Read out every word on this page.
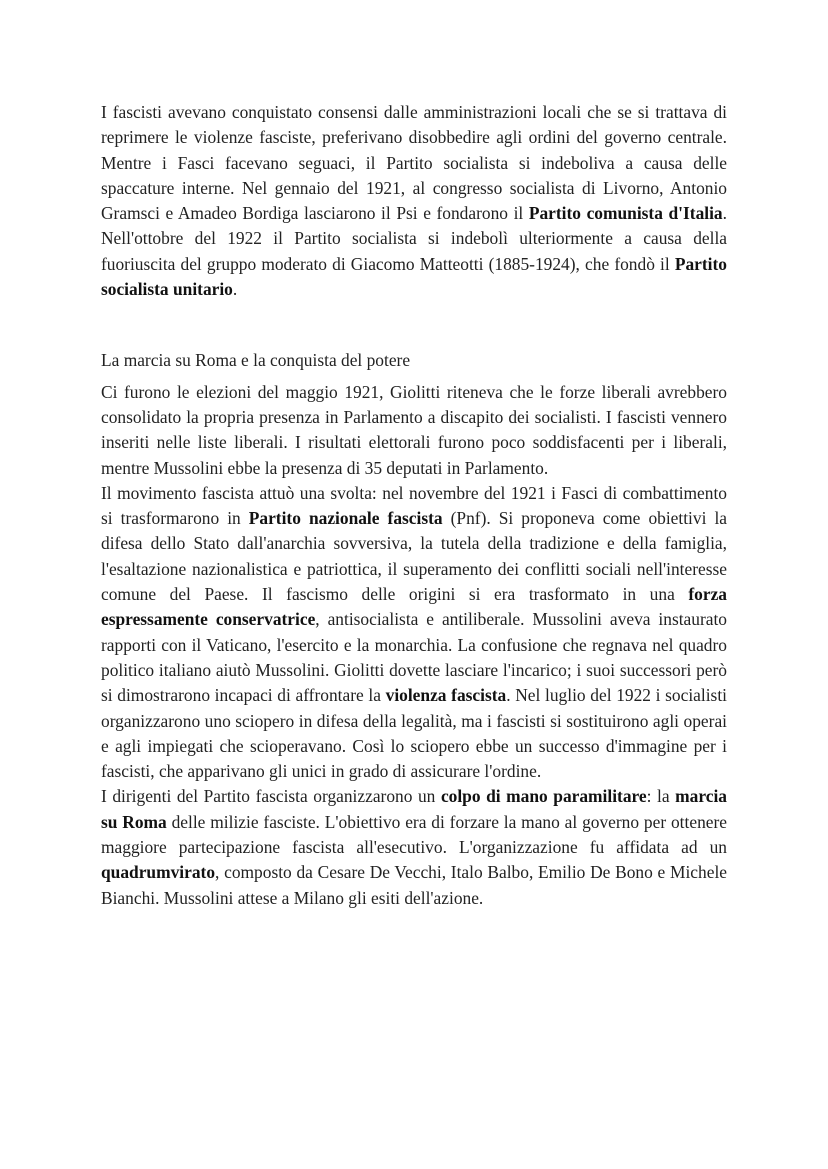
I fascisti avevano conquistato consensi dalle amministrazioni locali che se si trattava di reprimere le violenze fasciste, preferivano disobbedire agli ordini del governo centrale. Mentre i Fasci facevano seguaci, il Partito socialista si indeboliva a causa delle spaccature interne. Nel gennaio del 1921, al congresso socialista di Livorno, Antonio Gramsci e Amadeo Bordiga lasciarono il Psi e fondarono il Partito comunista d'Italia. Nell'ottobre del 1922 il Partito socialista si indebolì ulteriormente a causa della fuoriuscita del gruppo moderato di Giacomo Matteotti (1885-1924), che fondò il Partito socialista unitario.

La marcia su Roma e la conquista del potere

Ci furono le elezioni del maggio 1921, Giolitti riteneva che le forze liberali avrebbero consolidato la propria presenza in Parlamento a discapito dei socialisti. I fascisti vennero inseriti nelle liste liberali. I risultati elettorali furono poco soddisfacenti per i liberali, mentre Mussolini ebbe la presenza di 35 deputati in Parlamento.

Il movimento fascista attuò una svolta: nel novembre del 1921 i Fasci di combattimento si trasformarono in Partito nazionale fascista (Pnf). Si proponeva come obiettivi la difesa dello Stato dall'anarchia sovversiva, la tutela della tradizione e della famiglia, l'esaltazione nazionalistica e patriottica, il superamento dei conflitti sociali nell'interesse comune del Paese. Il fascismo delle origini si era trasformato in una forza espressamente conservatrice, antisocialista e antiliberale. Mussolini aveva instaurato rapporti con il Vaticano, l'esercito e la monarchia. La confusione che regnava nel quadro politico italiano aiutò Mussolini. Giolitti dovette lasciare l'incarico; i suoi successori però si dimostrarono incapaci di affrontare la violenza fascista. Nel luglio del 1922 i socialisti organizzarono uno sciopero in difesa della legalità, ma i fascisti si sostituirono agli operai e agli impiegati che scioperavano. Così lo sciopero ebbe un successo d'immagine per i fascisti, che apparivano gli unici in grado di assicurare l'ordine.

I dirigenti del Partito fascista organizzarono un colpo di mano paramilitare: la marcia su Roma delle milizie fasciste. L'obiettivo era di forzare la mano al governo per ottenere maggiore partecipazione fascista all'esecutivo. L'organizzazione fu affidata ad un quadrumvirato, composto da Cesare De Vecchi, Italo Balbo, Emilio De Bono e Michele Bianchi. Mussolini attese a Milano gli esiti dell'azione.
